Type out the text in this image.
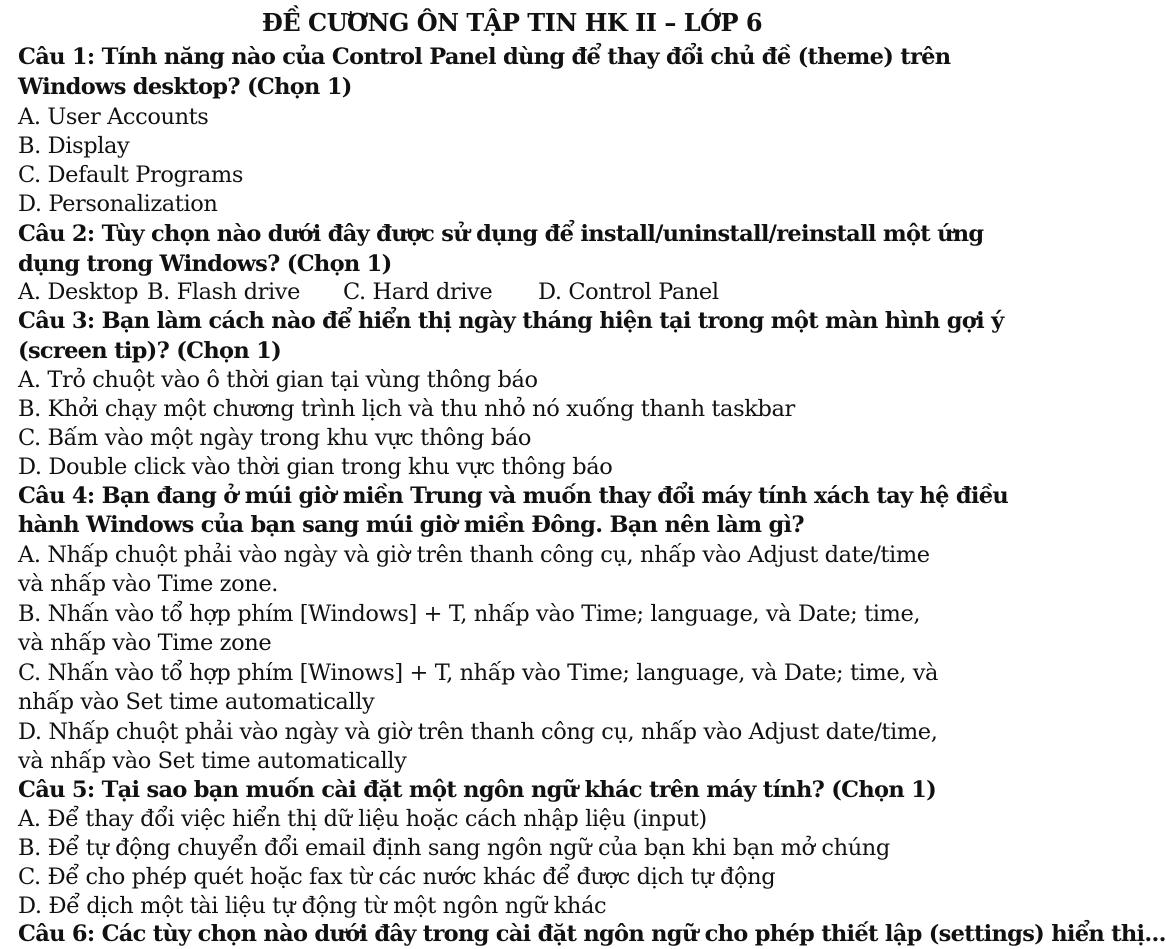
ĐỀ CƯƠNG ÔN TẬP TIN HK II – LỚP 6
Câu 1: Tính năng nào của Control Panel dùng để thay đổi chủ đề (theme) trên
Windows desktop? (Chọn 1)
A. User Accounts
B. Display
C. Default Programs
D. Personalization
Câu 2: Tùy chọn nào dưới đây được sử dụng để install/uninstall/reinstall một ứng
dụng trong Windows? (Chọn 1)
A. Desktop B. Flash drive C. Hard drive D. Control Panel
Câu 3: Bạn làm cách nào để hiển thị ngày tháng hiện tại trong một màn hình gợi ý
(screen tip)? (Chọn 1)
A. Trỏ chuột vào ô thời gian tại vùng thông báo
B. Khởi chạy một chương trình lịch và thu nhỏ nó xuống thanh taskbar
C. Bấm vào một ngày trong khu vực thông báo
D. Double click vào thời gian trong khu vực thông báo
Câu 4: Bạn đang ở múi giờ miền Trung và muốn thay đổi máy tính xách tay hệ điều
hành Windows của bạn sang múi giờ miền Đông. Bạn nên làm gì?
A. Nhấp chuột phải vào ngày và giờ trên thanh công cụ, nhấp vào Adjust date/time
và nhấp vào Time zone.
B. Nhấn vào tổ hợp phím [Windows] + T, nhấp vào Time; language, và Date; time,
và nhấp vào Time zone
C. Nhấn vào tổ hợp phím [Winows] + T, nhấp vào Time; language, và Date; time, và
nhấp vào Set time automatically
D. Nhấp chuột phải vào ngày và giờ trên thanh công cụ, nhấp vào Adjust date/time,
và nhấp vào Set time automatically
Câu 5: Tại sao bạn muốn cài đặt một ngôn ngữ khác trên máy tính? (Chọn 1)
A. Để thay đổi việc hiển thị dữ liệu hoặc cách nhập liệu (input)
B. Để tự động chuyển đổi email định sang ngôn ngữ của bạn khi bạn mở chúng
C. Để cho phép quét hoặc fax từ các nước khác để được dịch tự động
D. Để dịch một tài liệu tự động từ một ngôn ngữ khác
Câu 6: Các tùy chọn nào dưới đây trong cài đặt ngôn ngữ cho phép thiết lập (settings) hiển thị...
